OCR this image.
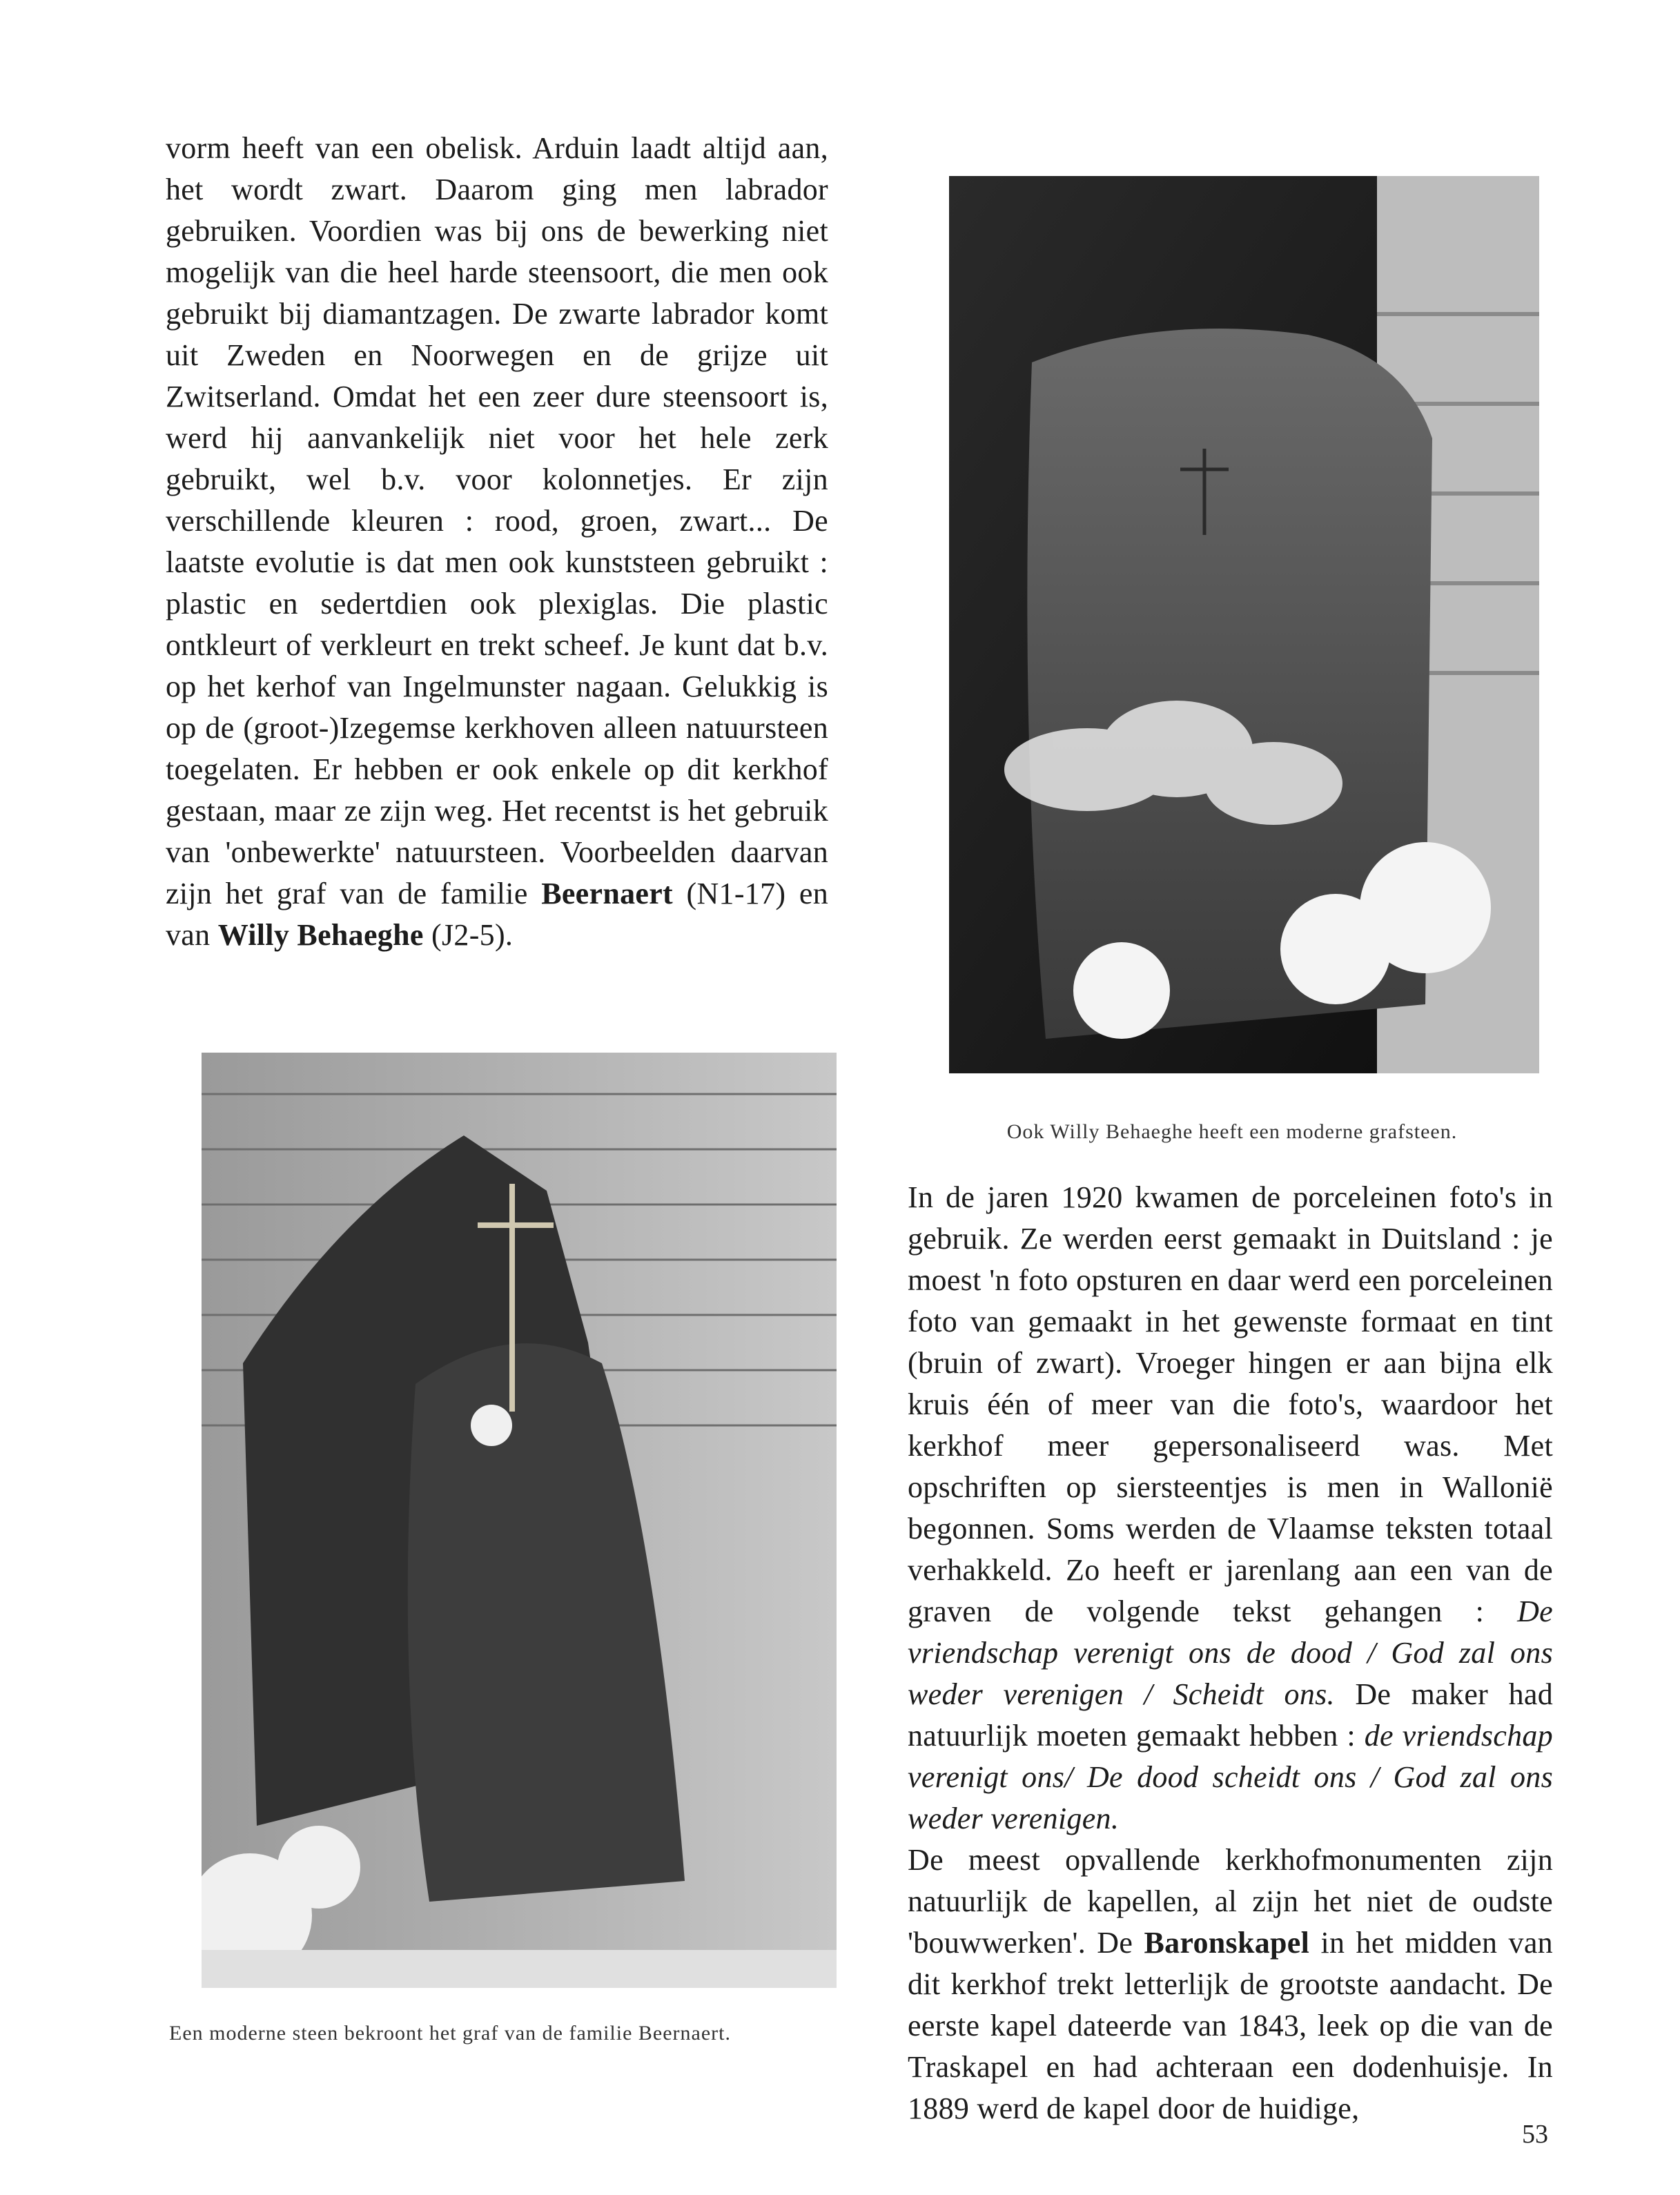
vorm heeft van een obelisk. Arduin laadt altijd aan, het wordt zwart. Daarom ging men labrador gebruiken. Voordien was bij ons de bewerking niet mogelijk van die heel harde steensoort, die men ook gebruikt bij diamantzagen. De zwarte labrador komt uit Zweden en Noorwegen en de grijze uit Zwitserland. Omdat het een zeer dure steensoort is, werd hij aanvankelijk niet voor het hele zerk gebruikt, wel b.v. voor kolonnetjes. Er zijn verschillende kleuren : rood, groen, zwart... De laatste evolutie is dat men ook kunststeen gebruikt : plastic en sedertdien ook plexiglas. Die plastic ontkleurt of verkleurt en trekt scheef. Je kunt dat b.v. op het kerhof van Ingelmunster nagaan. Gelukkig is op de (groot-)Izegemse kerkhoven alleen natuursteen toegelaten. Er hebben er ook enkele op dit kerkhof gestaan, maar ze zijn weg. Het recentst is het gebruik van 'onbewerkte' natuursteen. Voorbeelden daarvan zijn het graf van de familie Beernaert (N1-17) en van Willy Behaeghe (J2-5).

Ook Willy Behaeghe heeft een moderne grafsteen.
Een moderne steen bekroont het graf van de familie Beernaert.

In de jaren 1920 kwamen de porceleinen foto's in gebruik. Ze werden eerst gemaakt in Duitsland : je moest 'n foto opsturen en daar werd een porceleinen foto van gemaakt in het gewenste formaat en tint (bruin of zwart). Vroeger hingen er aan bijna elk kruis één of meer van die foto's, waardoor het kerkhof meer gepersonaliseerd was. Met opschriften op siersteentjes is men in Wallonië begonnen. Soms werden de Vlaamse teksten totaal verhakkeld. Zo heeft er jarenlang aan een van de graven de volgende tekst gehangen : De vriendschap verenigt ons de dood / God zal ons weder verenigen / Scheidt ons. De maker had natuurlijk moeten gemaakt hebben : de vriendschap verenigt ons/ De dood scheidt ons / God zal ons weder verenigen.

De meest opvallende kerkhofmonumenten zijn natuurlijk de kapellen, al zijn het niet de oudste 'bouwwerken'. De Baronskapel in het midden van dit kerkhof trekt letterlijk de grootste aandacht. De eerste kapel dateerde van 1843, leek op die van de Traskapel en had achteraan een dodenhuisje. In 1889 werd de kapel door de huidige,

53
